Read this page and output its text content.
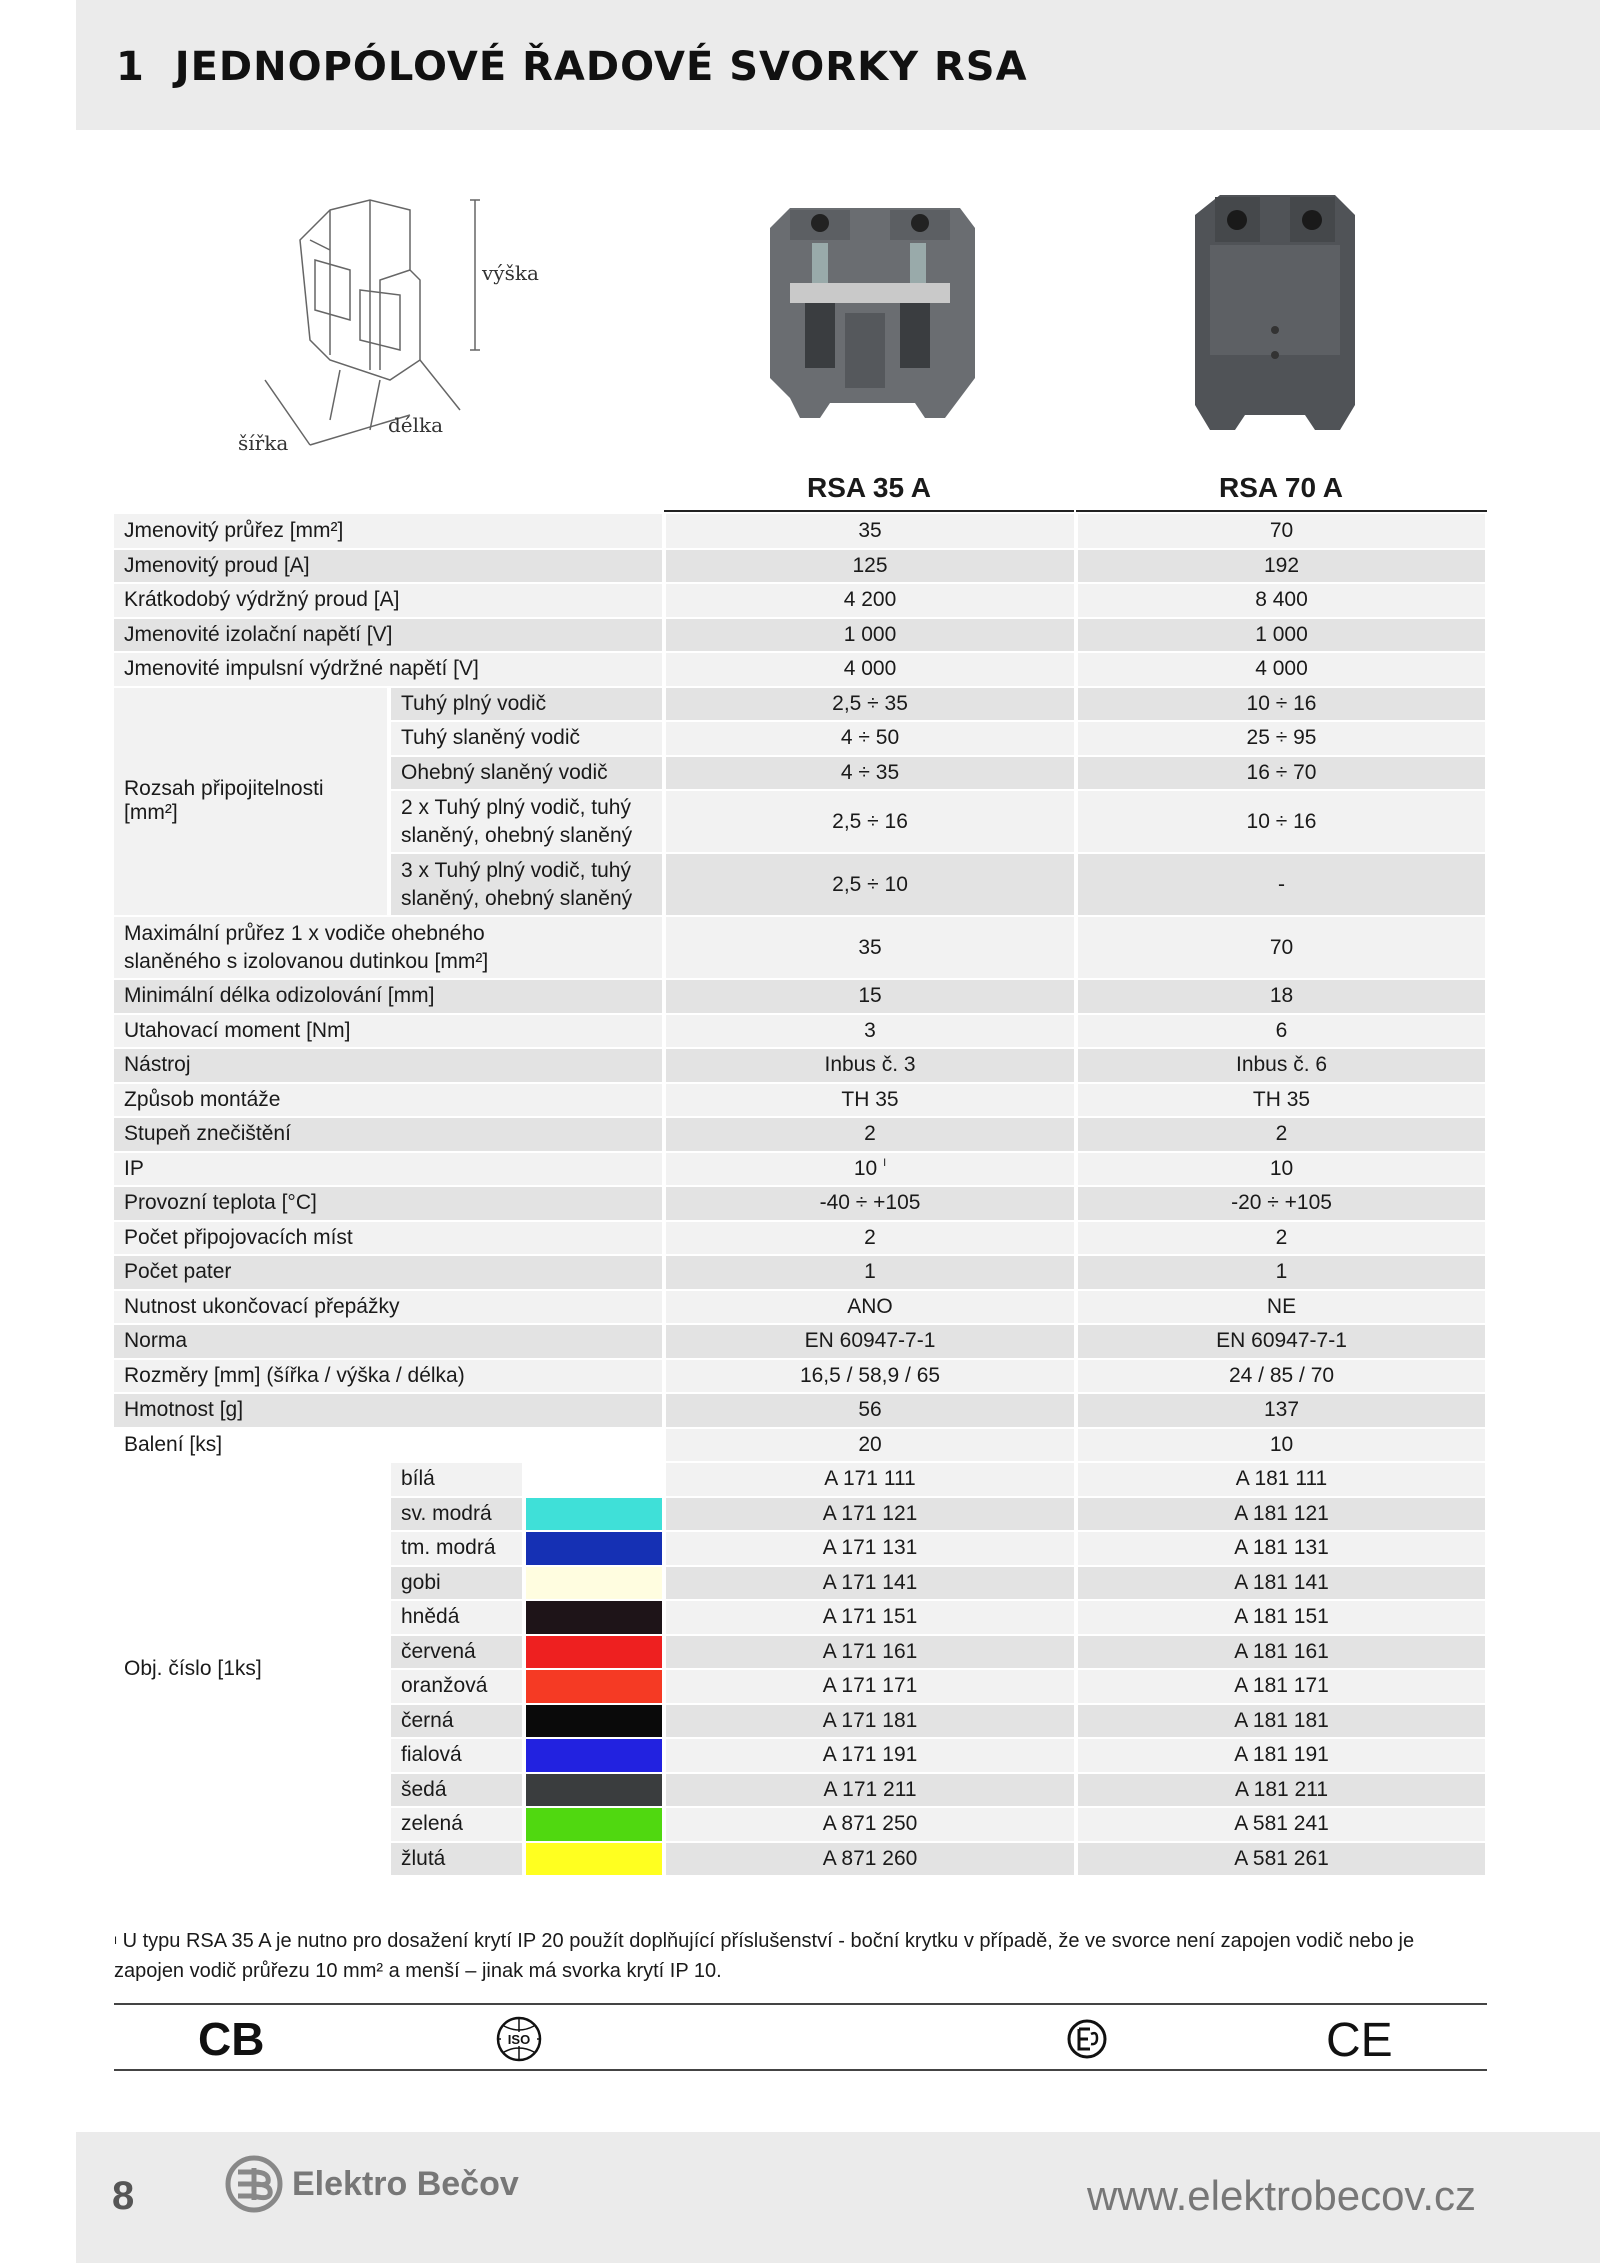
1 JEDNOPÓLOVÉ ŘADOVÉ SVORKY RSA
výška
šířka
délka
RSA 35 A	RSA 70 A
Jmenovitý průřez [mm²]			35	70
Jmenovitý proud [A]			125	192
Krátkodobý výdržný proud [A]			4 200	8 400
Jmenovité izolační napětí [V]			1 000	1 000
Jmenovité impulsní výdržné napětí [V]			4 000	4 000
Rozsah připojitelnosti [mm²]	Tuhý plný vodič		2,5 ÷ 35	10 ÷ 16
	Tuhý slaněný vodič		4 ÷ 50	25 ÷ 95
	Ohebný slaněný vodič		4 ÷ 35	16 ÷ 70
	2 x Tuhý plný vodič, tuhý slaněný, ohebný slaněný		2,5 ÷ 16	10 ÷ 16
	3 x Tuhý plný vodič, tuhý slaněný, ohebný slaněný		2,5 ÷ 10	-
Maximální průřez 1 x vodiče ohebného slaněného s izolovanou dutinkou [mm²]			35	70
Minimální délka odizolování [mm]			15	18
Utahovací moment [Nm]			3	6
Nástroj			Inbus č. 3	Inbus č. 6
Způsob montáže			TH 35	TH 35
Stupeň znečištění			2	2
IP			10 $^I$	10
Provozní teplota [°C]			-40 ÷ +105	-20 ÷ +105
Počet připojovacích míst			2	2
Počet pater			1	1
Nutnost ukončovací přepážky			ANO	NE
Norma			EN 60947-7-1	EN 60947-7-1
Rozměry [mm] (šířka / výška / délka)			16,5 / 58,9 / 65	24 / 85 / 70
Hmotnost [g]			56	137
Balení [ks]			20	10
Obj. číslo [1ks]	bílá		A 171 111	A 181 111
	sv. modrá		A 171 121	A 181 121
	tm. modrá		A 171 131	A 181 131
	gobi		A 171 141	A 181 141
	hnědá		A 171 151	A 181 151
	červená		A 171 161	A 181 161
	oranžová		A 171 171	A 181 171
	černá		A 171 181	A 181 181
	fialová		A 171 191	A 181 191
	šedá		A 171 211	A 181 211
	zelená		A 871 250	A 581 241
	žlutá		A 871 260	A 581 261
$^I$ U typu RSA 35 A je nutno pro dosažení krytí IP 20 použít doplňující příslušenství - boční krytku v případě, že ve svorce není zapojen vodič nebo je zapojen vodič průřezu 10 mm² a menší – jinak má svorka krytí IP 10.
CB	ISO	CE
8	Elektro Bečov	www.elektrobecov.cz
